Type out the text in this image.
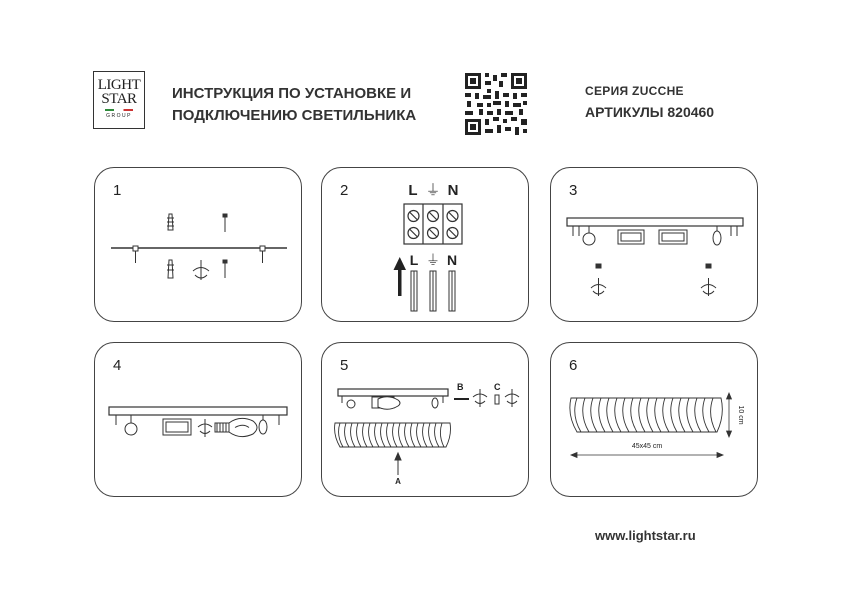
LIGHT
STAR
GROUP
ИНСТРУКЦИЯ ПО УСТАНОВКЕ И
ПОДКЛЮЧЕНИЮ СВЕТИЛЬНИКА
СЕРИЯ ZUCCHE
АРТИКУЛЫ 820460
1	2	L ⏚ N
L ⏚ N
3
4	5
B	C
A
6
10 cm
45x45 cm
www.lightstar.ru
